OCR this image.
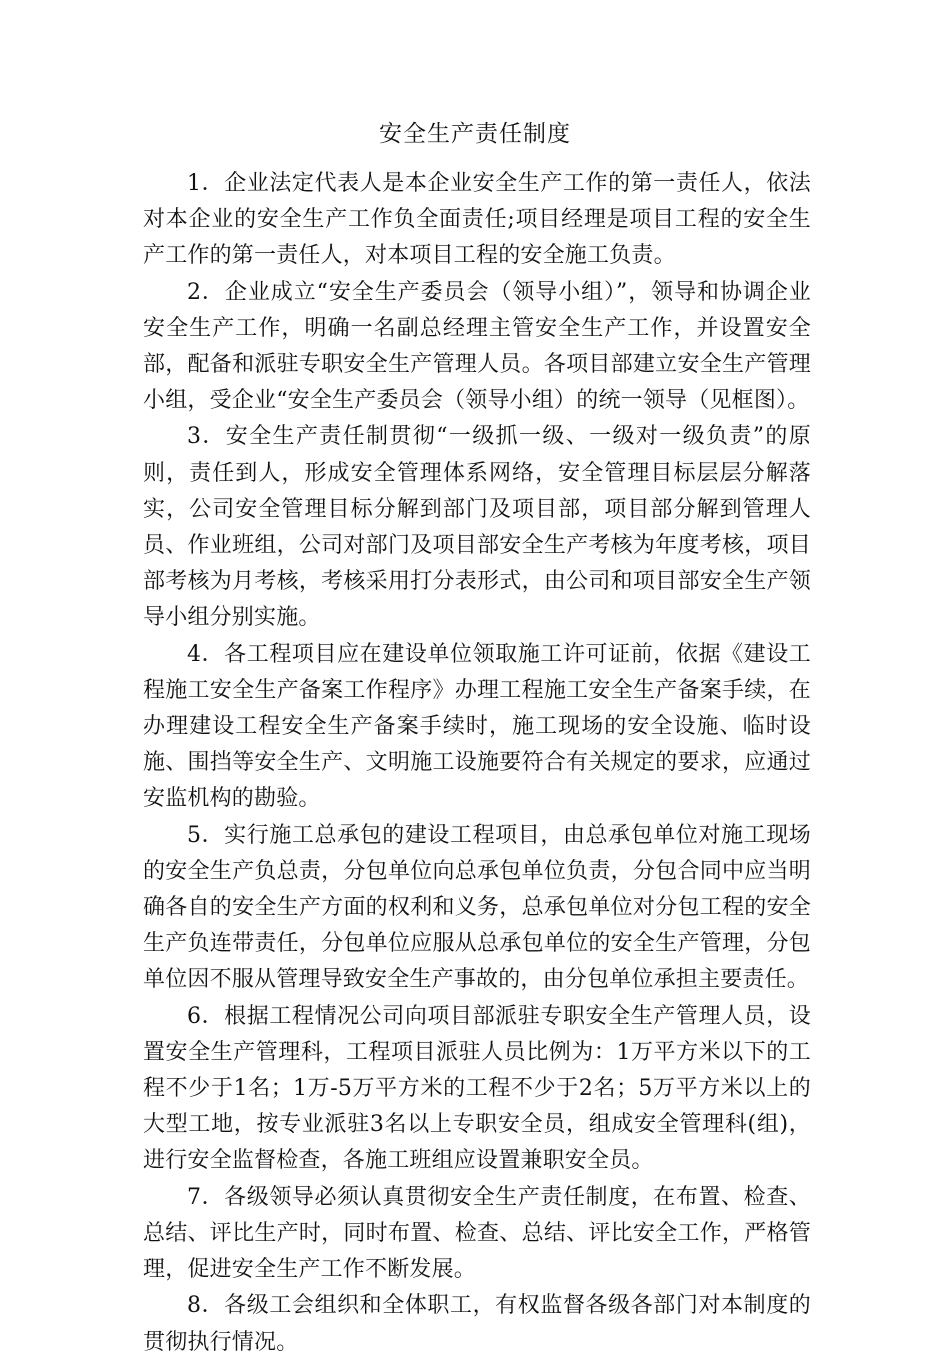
安全生产责任制度

1．企业法定代表人是本企业安全生产工作的第一责任人，依法对本企业的安全生产工作负全面责任;项目经理是项目工程的安全生产工作的第一责任人，对本项目工程的安全施工负责。

2．企业成立“安全生产委员会（领导小组）”，领导和协调企业安全生产工作，明确一名副总经理主管安全生产工作，并设置安全部，配备和派驻专职安全生产管理人员。各项目部建立安全生产管理小组，受企业“安全生产委员会（领导小组）的统一领导（见框图）。

3．安全生产责任制贯彻“一级抓一级、一级对一级负责”的原则，责任到人，形成安全管理体系网络，安全管理目标层层分解落实，公司安全管理目标分解到部门及项目部，项目部分解到管理人员、作业班组，公司对部门及项目部安全生产考核为年度考核，项目部考核为月考核，考核采用打分表形式，由公司和项目部安全生产领导小组分别实施。

4．各工程项目应在建设单位领取施工许可证前，依据《建设工程施工安全生产备案工作程序》办理工程施工安全生产备案手续，在办理建设工程安全生产备案手续时，施工现场的安全设施、临时设施、围挡等安全生产、文明施工设施要符合有关规定的要求，应通过安监机构的勘验。

5．实行施工总承包的建设工程项目，由总承包单位对施工现场的安全生产负总责，分包单位向总承包单位负责，分包合同中应当明确各自的安全生产方面的权利和义务，总承包单位对分包工程的安全生产负连带责任，分包单位应服从总承包单位的安全生产管理，分包单位因不服从管理导致安全生产事故的，由分包单位承担主要责任。

6．根据工程情况公司向项目部派驻专职安全生产管理人员，设置安全生产管理科，工程项目派驻人员比例为：1万平方米以下的工程不少于1名；1万-5万平方米的工程不少于2名；5万平方米以上的大型工地，按专业派驻3名以上专职安全员，组成安全管理科(组)，进行安全监督检查，各施工班组应设置兼职安全员。

7．各级领导必须认真贯彻安全生产责任制度，在布置、检查、总结、评比生产时，同时布置、检查、总结、评比安全工作，严格管理，促进安全生产工作不断发展。

8．各级工会组织和全体职工，有权监督各级各部门对本制度的贯彻执行情况。
